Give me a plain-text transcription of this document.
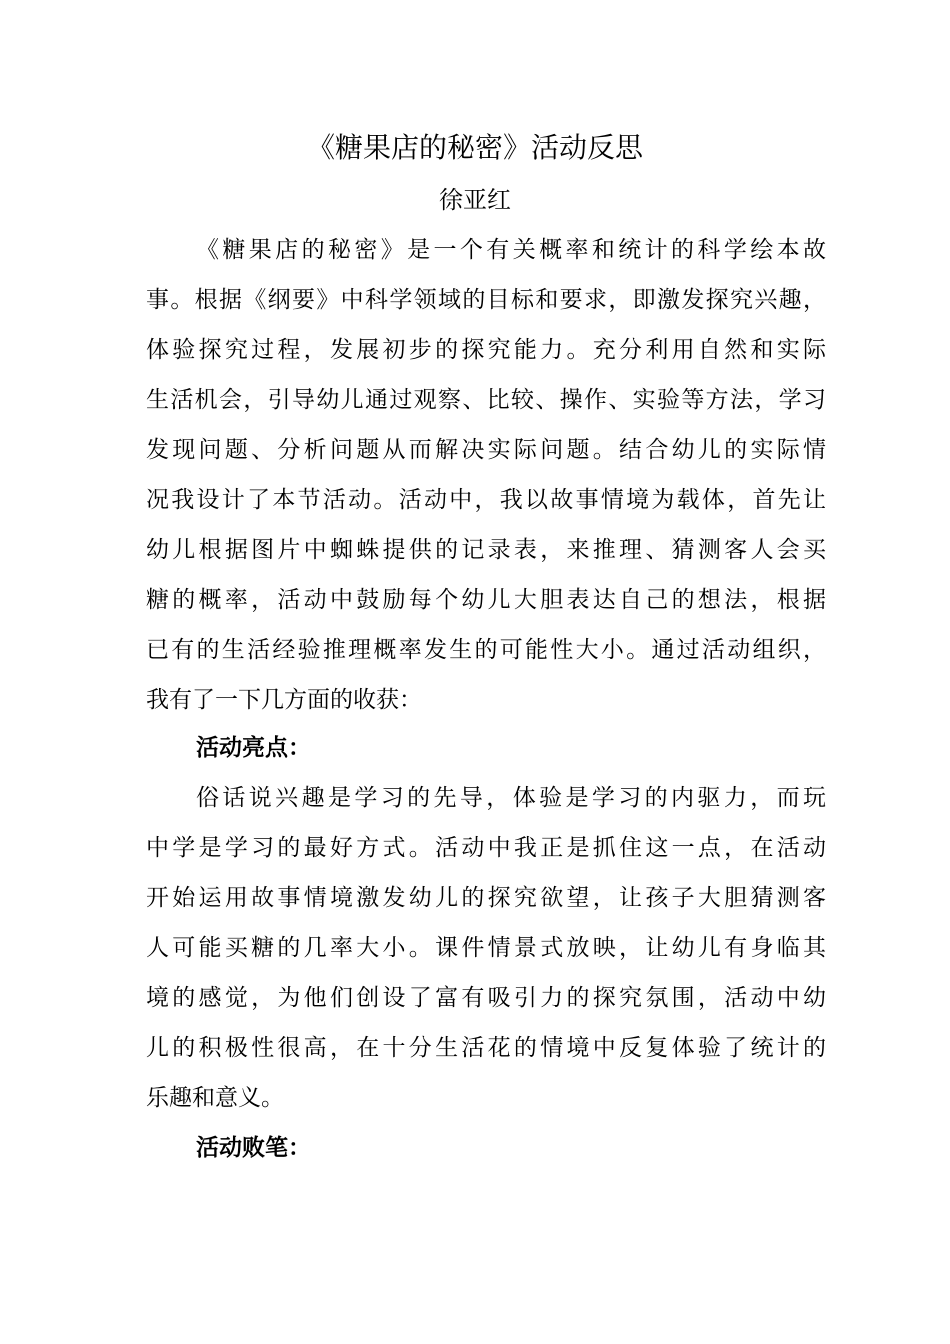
《糖果店的秘密》活动反思
徐亚红
《糖果店的秘密》是一个有关概率和统计的科学绘本故
事。根据《纲要》中科学领域的目标和要求，即激发探究兴趣，
体验探究过程，发展初步的探究能力。充分利用自然和实际
生活机会，引导幼儿通过观察、比较、操作、实验等方法，学习
发现问题、分析问题从而解决实际问题。结合幼儿的实际情
况我设计了本节活动。活动中，我以故事情境为载体，首先让
幼儿根据图片中蜘蛛提供的记录表，来推理、猜测客人会买
糖的概率，活动中鼓励每个幼儿大胆表达自己的想法，根据
已有的生活经验推理概率发生的可能性大小。通过活动组织，
我有了一下几方面的收获：
活动亮点：
俗话说兴趣是学习的先导，体验是学习的内驱力，而玩
中学是学习的最好方式。活动中我正是抓住这一点，在活动
开始运用故事情境激发幼儿的探究欲望，让孩子大胆猜测客
人可能买糖的几率大小。课件情景式放映，让幼儿有身临其
境的感觉，为他们创设了富有吸引力的探究氛围，活动中幼
儿的积极性很高，在十分生活花的情境中反复体验了统计的
乐趣和意义。
活动败笔：
